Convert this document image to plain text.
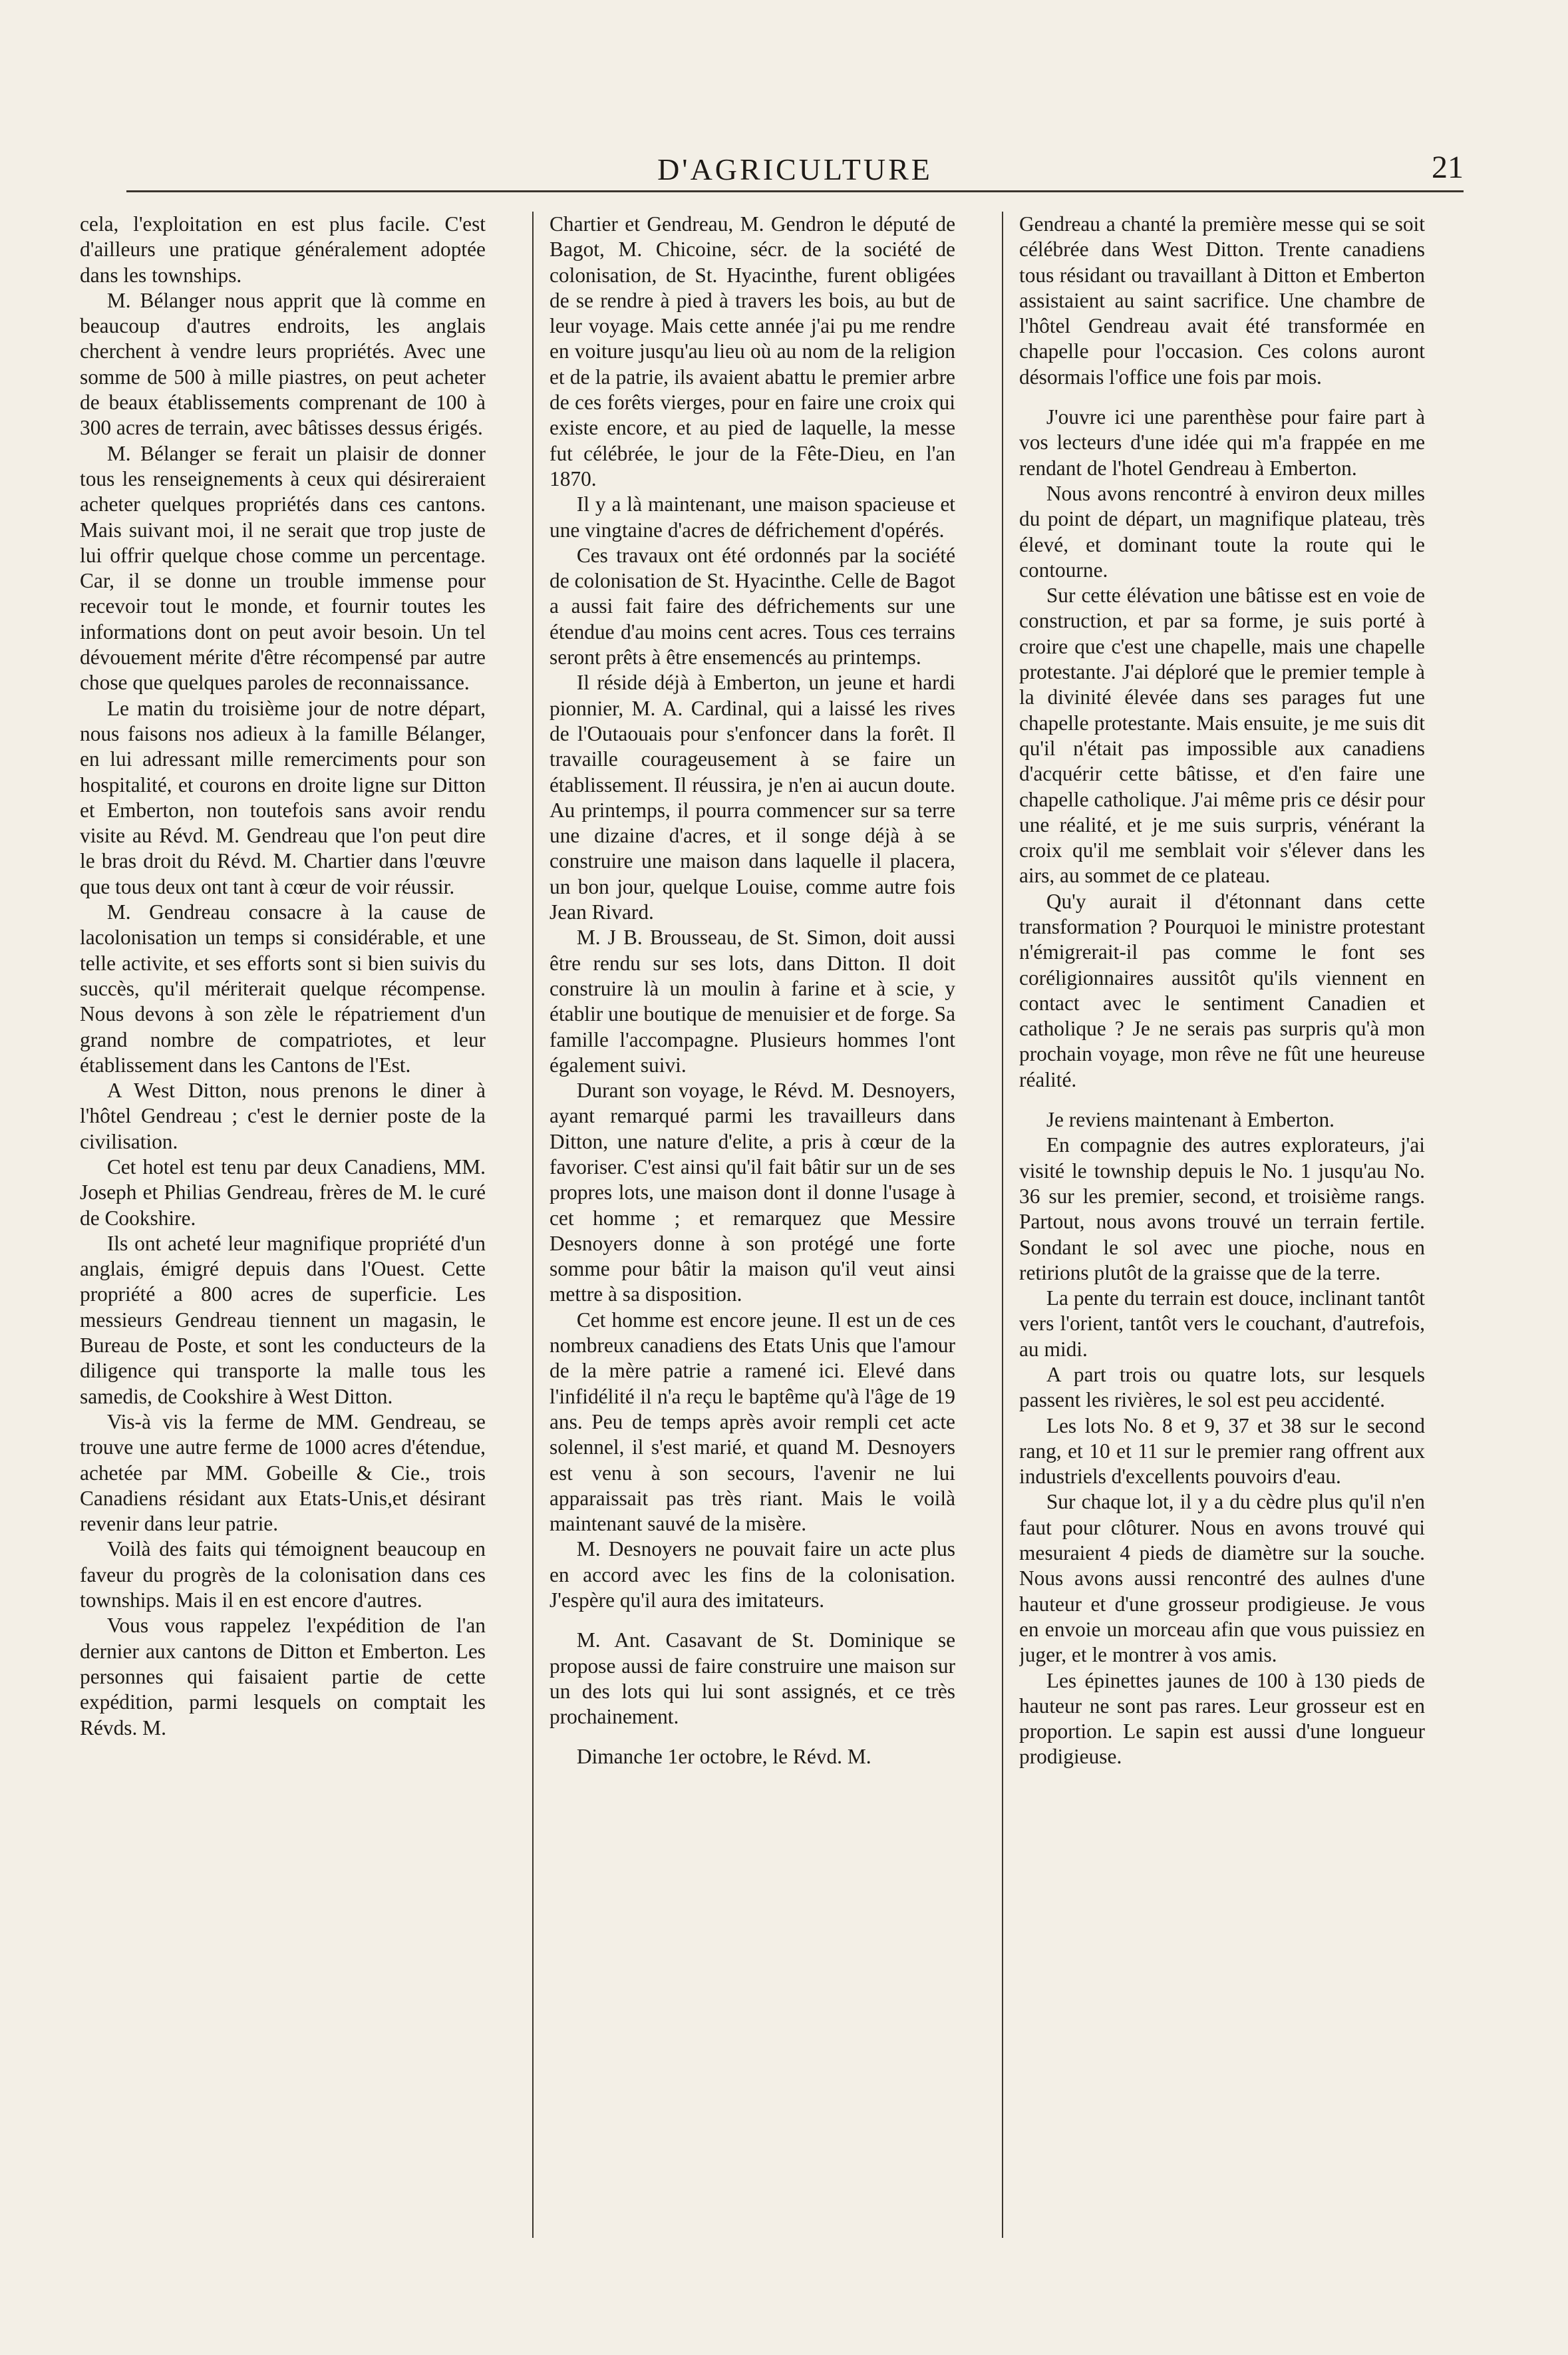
D'AGRICULTURE	21

cela, l'exploitation en est plus facile. C'est d'ailleurs une pratique généralement adoptée dans les townships.

M. Bélanger nous apprit que là comme en beaucoup d'autres endroits, les anglais cherchent à vendre leurs propriétés. Avec une somme de 500 à mille piastres, on peut acheter de beaux établissements comprenant de 100 à 300 acres de terrain, avec bâtisses dessus érigés.

M. Bélanger se ferait un plaisir de donner tous les renseignements à ceux qui désireraient acheter quelques propriétés dans ces cantons. Mais suivant moi, il ne serait que trop juste de lui offrir quelque chose comme un percentage. Car, il se donne un trouble immense pour recevoir tout le monde, et fournir toutes les informations dont on peut avoir besoin. Un tel dévouement mérite d'être récompensé par autre chose que quelques paroles de reconnaissance.

Le matin du troisième jour de notre départ, nous faisons nos adieux à la famille Bélanger, en lui adressant mille remerciments pour son hospitalité, et courons en droite ligne sur Ditton et Emberton, non toutefois sans avoir rendu visite au Révd. M. Gendreau que l'on peut dire le bras droit du Révd. M. Chartier dans l'œuvre que tous deux ont tant à cœur de voir réussir.

M. Gendreau consacre à la cause de lacolonisation un temps si considérable, et une telle activite, et ses efforts sont si bien suivis du succès, qu'il mériterait quelque récompense. Nous devons à son zèle le répatriement d'un grand nombre de compatriotes, et leur établissement dans les Cantons de l'Est.

A West Ditton, nous prenons le diner à l'hôtel Gendreau ; c'est le dernier poste de la civilisation.

Cet hotel est tenu par deux Canadiens, MM. Joseph et Philias Gendreau, frères de M. le curé de Cookshire.

Ils ont acheté leur magnifique propriété d'un anglais, émigré depuis dans l'Ouest. Cette propriété a 800 acres de superficie. Les messieurs Gendreau tiennent un magasin, le Bureau de Poste, et sont les conducteurs de la diligence qui transporte la malle tous les samedis, de Cookshire à West Ditton.

Vis-à vis la ferme de MM. Gendreau, se trouve une autre ferme de 1000 acres d'étendue, achetée par MM. Gobeille & Cie., trois Canadiens résidant aux Etats-Unis,et désirant revenir dans leur patrie.

Voilà des faits qui témoignent beaucoup en faveur du progrès de la colonisation dans ces townships. Mais il en est encore d'autres.

Vous vous rappelez l'expédition de l'an dernier aux cantons de Ditton et Emberton. Les personnes qui faisaient partie de cette expédition, parmi lesquels on comptait les Révds. M.

Chartier et Gendreau, M. Gendron le député de Bagot, M. Chicoine, sécr. de la société de colonisation, de St. Hyacinthe, furent obligées de se rendre à pied à travers les bois, au but de leur voyage. Mais cette année j'ai pu me rendre en voiture jusqu'au lieu où au nom de la religion et de la patrie, ils avaient abattu le premier arbre de ces forêts vierges, pour en faire une croix qui existe encore, et au pied de laquelle, la messe fut célébrée, le jour de la Fête-Dieu, en l'an 1870.

Il y a là maintenant, une maison spacieuse et une vingtaine d'acres de défrichement d'opérés.

Ces travaux ont été ordonnés par la société de colonisation de St. Hyacinthe. Celle de Bagot a aussi fait faire des défrichements sur une étendue d'au moins cent acres. Tous ces terrains seront prêts à être ensemencés au printemps.

Il réside déjà à Emberton, un jeune et hardi pionnier, M. A. Cardinal, qui a laissé les rives de l'Outaouais pour s'enfoncer dans la forêt. Il travaille courageusement à se faire un établissement. Il réussira, je n'en ai aucun doute. Au printemps, il pourra commencer sur sa terre une dizaine d'acres, et il songe déjà à se construire une maison dans laquelle il placera, un bon jour, quelque Louise, comme autre fois Jean Rivard.

M. J B. Brousseau, de St. Simon, doit aussi être rendu sur ses lots, dans Ditton. Il doit construire là un moulin à farine et à scie, y établir une boutique de menuisier et de forge. Sa famille l'accompagne. Plusieurs hommes l'ont également suivi.

Durant son voyage, le Révd. M. Desnoyers, ayant remarqué parmi les travailleurs dans Ditton, une nature d'elite, a pris à cœur de la favoriser. C'est ainsi qu'il fait bâtir sur un de ses propres lots, une maison dont il donne l'usage à cet homme ; et remarquez que Messire Desnoyers donne à son protégé une forte somme pour bâtir la maison qu'il veut ainsi mettre à sa disposition.

Cet homme est encore jeune. Il est un de ces nombreux canadiens des Etats Unis que l'amour de la mère patrie a ramené ici. Elevé dans l'infidélité il n'a reçu le baptême qu'à l'âge de 19 ans. Peu de temps après avoir rempli cet acte solennel, il s'est marié, et quand M. Desnoyers est venu à son secours, l'avenir ne lui apparaissait pas très riant. Mais le voilà maintenant sauvé de la misère.

M. Desnoyers ne pouvait faire un acte plus en accord avec les fins de la colonisation. J'espère qu'il aura des imitateurs.

M. Ant. Casavant de St. Dominique se propose aussi de faire construire une maison sur un des lots qui lui sont assignés, et ce très prochainement.

Dimanche 1er octobre, le Révd. M.

Gendreau a chanté la première messe qui se soit célébrée dans West Ditton. Trente canadiens tous résidant ou travaillant à Ditton et Emberton assistaient au saint sacrifice. Une chambre de l'hôtel Gendreau avait été transformée en chapelle pour l'occasion. Ces colons auront désormais l'office une fois par mois.

J'ouvre ici une parenthèse pour faire part à vos lecteurs d'une idée qui m'a frappée en me rendant de l'hotel Gendreau à Emberton.

Nous avons rencontré à environ deux milles du point de départ, un magnifique plateau, très élevé, et dominant toute la route qui le contourne.

Sur cette élévation une bâtisse est en voie de construction, et par sa forme, je suis porté à croire que c'est une chapelle, mais une chapelle protestante. J'ai déploré que le premier temple à la divinité élevée dans ses parages fut une chapelle protestante. Mais ensuite, je me suis dit qu'il n'était pas impossible aux canadiens d'acquérir cette bâtisse, et d'en faire une chapelle catholique. J'ai même pris ce désir pour une réalité, et je me suis surpris, vénérant la croix qu'il me semblait voir s'élever dans les airs, au sommet de ce plateau.

Qu'y aurait il d'étonnant dans cette transformation ? Pourquoi le ministre protestant n'émigrerait-il pas comme le font ses coréligionnaires aussitôt qu'ils viennent en contact avec le sentiment Canadien et catholique ? Je ne serais pas surpris qu'à mon prochain voyage, mon rêve ne fût une heureuse réalité.

Je reviens maintenant à Emberton.

En compagnie des autres explorateurs, j'ai visité le township depuis le No. 1 jusqu'au No. 36 sur les premier, second, et troisième rangs. Partout, nous avons trouvé un terrain fertile. Sondant le sol avec une pioche, nous en retirions plutôt de la graisse que de la terre.

La pente du terrain est douce, inclinant tantôt vers l'orient, tantôt vers le couchant, d'autrefois, au midi.

A part trois ou quatre lots, sur lesquels passent les rivières, le sol est peu accidenté.

Les lots No. 8 et 9, 37 et 38 sur le second rang, et 10 et 11 sur le premier rang offrent aux industriels d'excellents pouvoirs d'eau.

Sur chaque lot, il y a du cèdre plus qu'il n'en faut pour clôturer. Nous en avons trouvé qui mesuraient 4 pieds de diamètre sur la souche. Nous avons aussi rencontré des aulnes d'une hauteur et d'une grosseur prodigieuse. Je vous en envoie un morceau afin que vous puissiez en juger, et le montrer à vos amis.

Les épinettes jaunes de 100 à 130 pieds de hauteur ne sont pas rares. Leur grosseur est en proportion. Le sapin est aussi d'une longueur prodigieuse.
